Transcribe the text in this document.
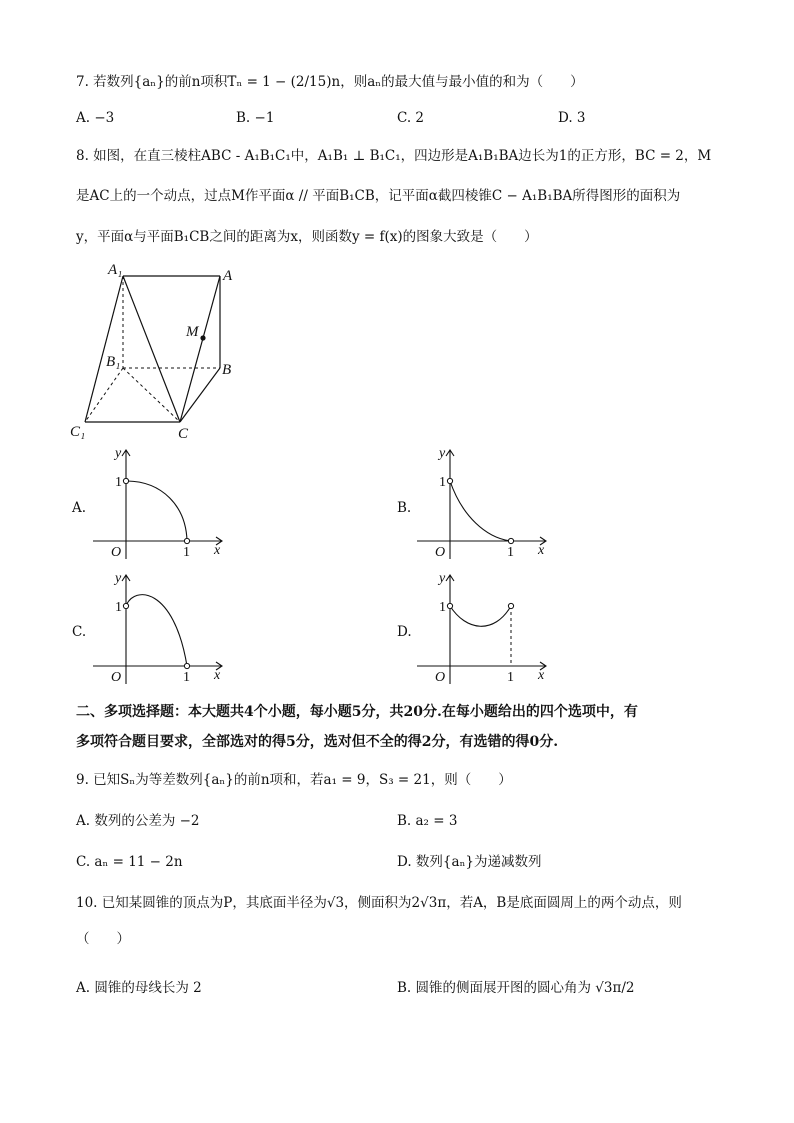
7. 若数列{aₙ}的前n项积Tₙ = 1 − (2/15)n，则aₙ的最大值与最小值的和为（　　）
A. −3	B. −1	C. 2	D. 3
8. 如图，在直三棱柱ABC - A₁B₁C₁中，A₁B₁ ⊥ B₁C₁，四边形是A₁B₁BA边长为1的正方形，BC = 2，M
是AC上的一个动点，过点M作平面α // 平面B₁CB，记平面α截四棱锥C − A₁B₁BA所得图形的面积为
y，平面α与平面B₁CB之间的距离为x，则函数y = f(x)的图象大致是（　　）
A₁	A
M
B₁	B
C₁	C
A.
y
x
O
1
1
B.
y
x
O
1
1
C.
y
x
O
1
1
D.
y
x
O
1
1
二、多项选择题：本大题共4个小题，每小题5分，共20分.在每小题给出的四个选项中，有
多项符合题目要求，全部选对的得5分，选对但不全的得2分，有选错的得0分.
9. 已知Sₙ为等差数列{aₙ}的前n项和，若a₁ = 9，S₃ = 21，则（　　）
A. 数列的公差为 −2	B. a₂ = 3
C. aₙ = 11 − 2n	D. 数列{aₙ}为递减数列
10. 已知某圆锥的顶点为P，其底面半径为√3，侧面积为2√3π，若A，B是底面圆周上的两个动点，则
（　　）
A. 圆锥的母线长为 2	B. 圆锥的侧面展开图的圆心角为 √3π/2
